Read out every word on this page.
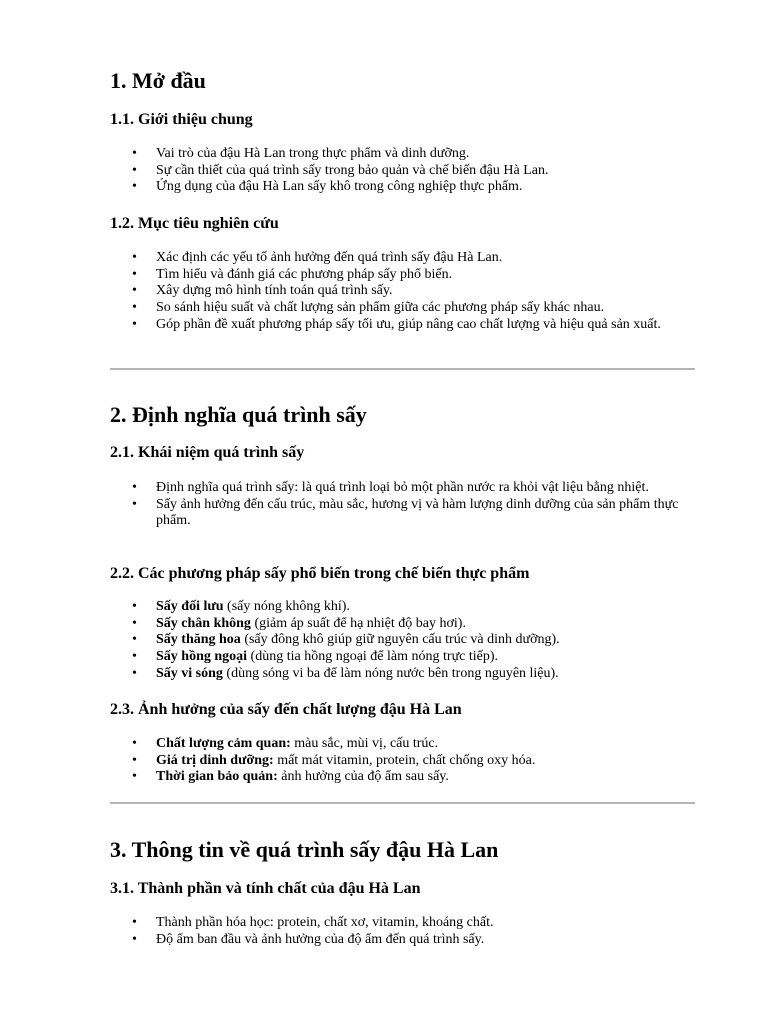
1. Mở đầu
1.1. Giới thiệu chung
• Vai trò của đậu Hà Lan trong thực phẩm và dinh dưỡng.
• Sự cần thiết của quá trình sấy trong bảo quản và chế biến đậu Hà Lan.
• Ứng dụng của đậu Hà Lan sấy khô trong công nghiệp thực phẩm.
1.2. Mục tiêu nghiên cứu
• Xác định các yếu tố ảnh hưởng đến quá trình sấy đậu Hà Lan.
• Tìm hiểu và đánh giá các phương pháp sấy phổ biến.
• Xây dựng mô hình tính toán quá trình sấy.
• So sánh hiệu suất và chất lượng sản phẩm giữa các phương pháp sấy khác nhau.
• Góp phần đề xuất phương pháp sấy tối ưu, giúp nâng cao chất lượng và hiệu quả sản xuất.
2. Định nghĩa quá trình sấy
2.1. Khái niệm quá trình sấy
• Định nghĩa quá trình sấy: là quá trình loại bỏ một phần nước ra khỏi vật liệu bằng nhiệt.
• Sấy ảnh hưởng đến cấu trúc, màu sắc, hương vị và hàm lượng dinh dưỡng của sản phẩm thực phẩm.
2.2. Các phương pháp sấy phổ biến trong chế biến thực phẩm
• Sấy đối lưu (sấy nóng không khí).
• Sấy chân không (giảm áp suất để hạ nhiệt độ bay hơi).
• Sấy thăng hoa (sấy đông khô giúp giữ nguyên cấu trúc và dinh dưỡng).
• Sấy hồng ngoại (dùng tia hồng ngoại để làm nóng trực tiếp).
• Sấy vi sóng (dùng sóng vi ba để làm nóng nước bên trong nguyên liệu).
2.3. Ảnh hưởng của sấy đến chất lượng đậu Hà Lan
• Chất lượng cảm quan: màu sắc, mùi vị, cấu trúc.
• Giá trị dinh dưỡng: mất mát vitamin, protein, chất chống oxy hóa.
• Thời gian bảo quản: ảnh hưởng của độ ẩm sau sấy.
3. Thông tin về quá trình sấy đậu Hà Lan
3.1. Thành phần và tính chất của đậu Hà Lan
• Thành phần hóa học: protein, chất xơ, vitamin, khoáng chất.
• Độ ẩm ban đầu và ảnh hưởng của độ ẩm đến quá trình sấy.
